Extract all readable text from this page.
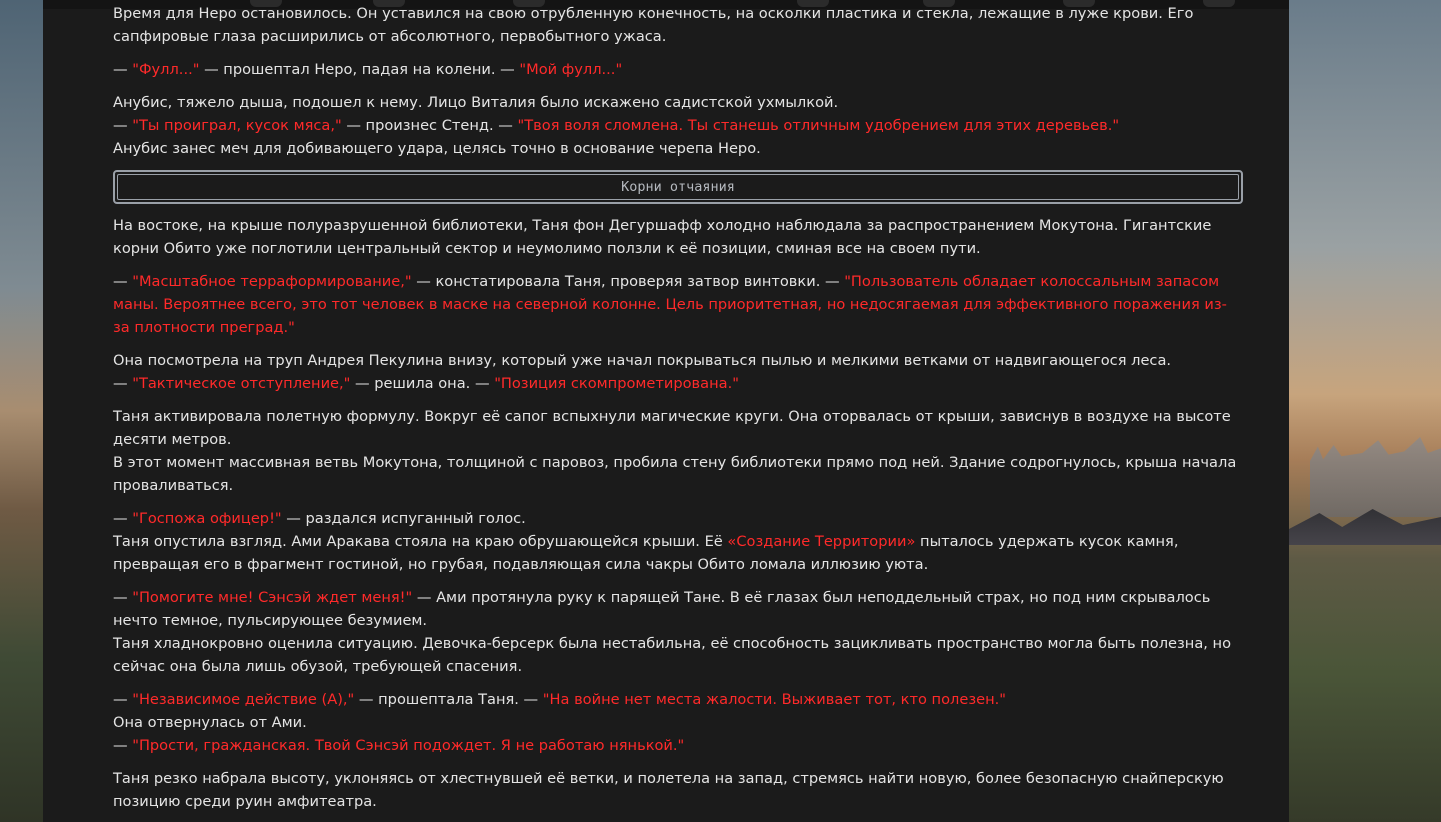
Время для Неро остановилось. Он уставился на свою отрубленную конечность, на осколки пластика и стекла, лежащие в луже крови. Его сапфировые глаза расширились от абсолютного, первобытного ужаса.

— "Фулл..." — прошептал Неро, падая на колени. — "Мой фулл..."

Анубис, тяжело дыша, подошел к нему. Лицо Виталия было искажено садистской ухмылкой.
— "Ты проиграл, кусок мяса," — произнес Стенд. — "Твоя воля сломлена. Ты станешь отличным удобрением для этих деревьев."
Анубис занес меч для добивающего удара, целясь точно в основание черепа Неро.

Корни отчаяния

На востоке, на крыше полуразрушенной библиотеки, Таня фон Дегуршафф холодно наблюдала за распространением Мокутона. Гигантские корни Обито уже поглотили центральный сектор и неумолимо ползли к её позиции, сминая все на своем пути.

— "Масштабное терраформирование," — констатировала Таня, проверяя затвор винтовки. — "Пользователь обладает колоссальным запасом маны. Вероятнее всего, это тот человек в маске на северной колонне. Цель приоритетная, но недосягаемая для эффективного поражения из-за плотности преград."

Она посмотрела на труп Андрея Пекулина внизу, который уже начал покрываться пылью и мелкими ветками от надвигающегося леса.
— "Тактическое отступление," — решила она. — "Позиция скомпрометирована."

Таня активировала полетную формулу. Вокруг её сапог вспыхнули магические круги. Она оторвалась от крыши, зависнув в воздухе на высоте десяти метров.
В этот момент массивная ветвь Мокутона, толщиной с паровоз, пробила стену библиотеки прямо под ней. Здание содрогнулось, крыша начала проваливаться.

— "Госпожа офицер!" — раздался испуганный голос.
Таня опустила взгляд. Ами Аракава стояла на краю обрушающейся крыши. Её «Создание Территории» пыталось удержать кусок камня, превращая его в фрагмент гостиной, но грубая, подавляющая сила чакры Обито ломала иллюзию уюта.

— "Помогите мне! Сэнсэй ждет меня!" — Ами протянула руку к парящей Тане. В её глазах был неподдельный страх, но под ним скрывалось нечто темное, пульсирующее безумием.
Таня хладнокровно оценила ситуацию. Девочка-берсерк была нестабильна, её способность зацикливать пространство могла быть полезна, но сейчас она была лишь обузой, требующей спасения.

— "Независимое действие (А)," — прошептала Таня. — "На войне нет места жалости. Выживает тот, кто полезен."
Она отвернулась от Ами.
— "Прости, гражданская. Твой Сэнсэй подождет. Я не работаю нянькой."

Таня резко набрала высоту, уклоняясь от хлестнувшей её ветки, и полетела на запад, стремясь найти новую, более безопасную снайперскую позицию среди руин амфитеатра.
